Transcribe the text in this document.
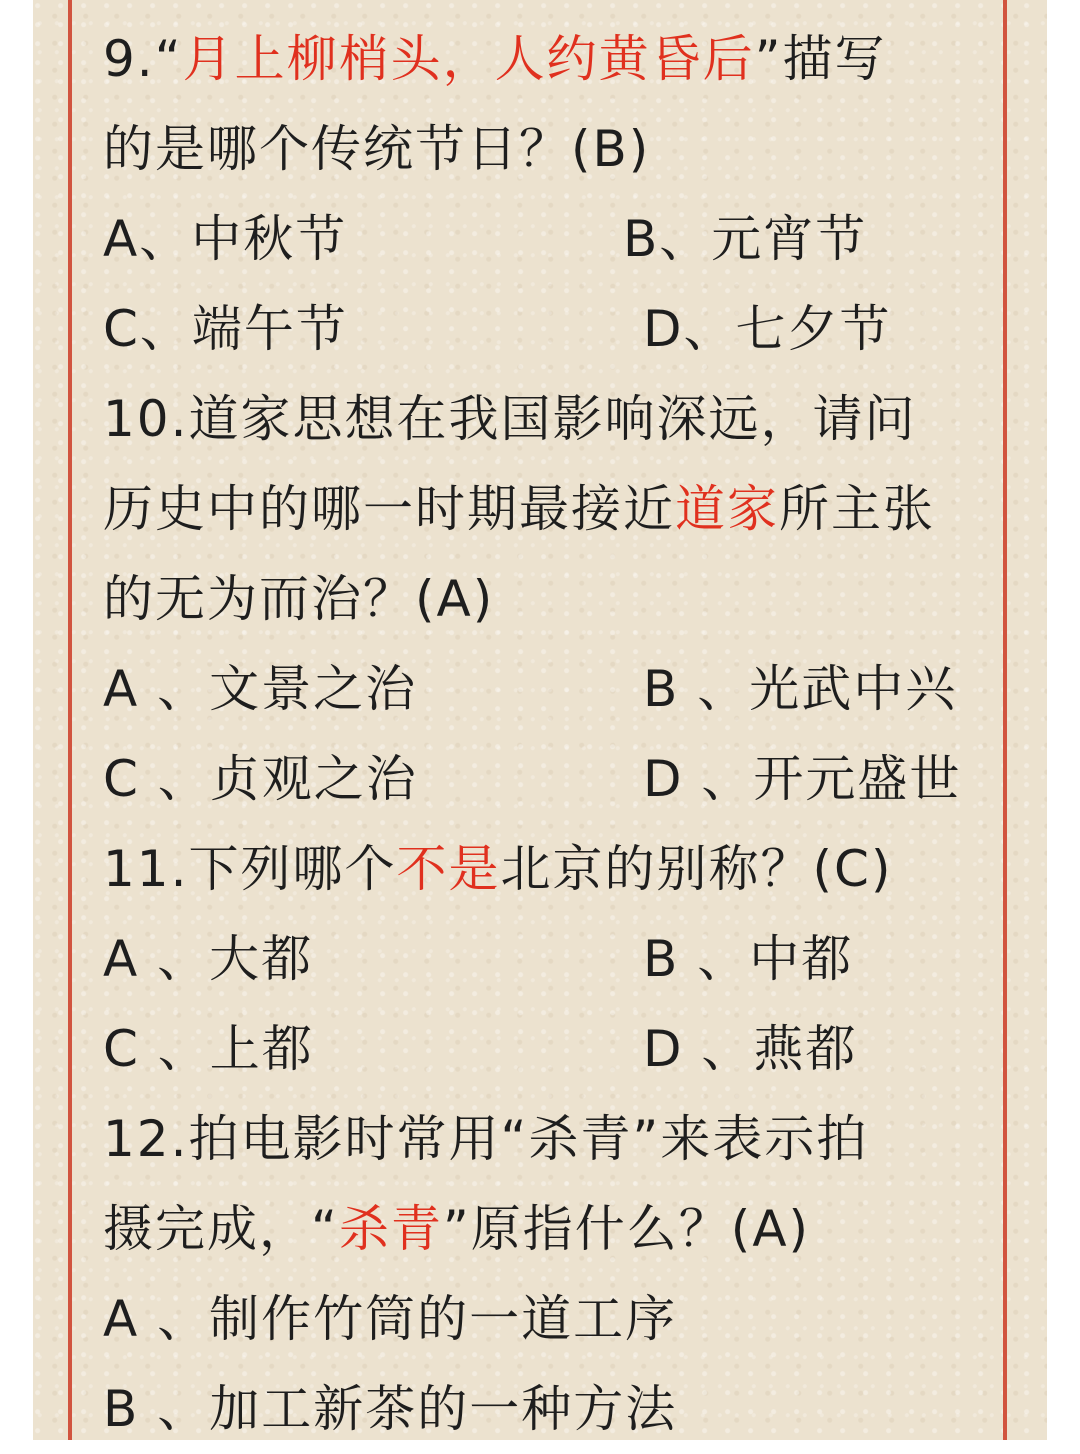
9.“月上柳梢头，人约黄昏后”描写
的是哪个传统节日？(B)
A、中秋节	B、元宵节
C、端午节	D、七夕节
10.道家思想在我国影响深远，请问
历史中的哪一时期最接近道家所主张
的无为而治？(A)
A 、文景之治	B 、光武中兴
C 、贞观之治	D 、开元盛世
11.下列哪个不是北京的别称？(C)
A 、大都	B 、中都
C 、上都	D 、燕都
12.拍电影时常用“杀青”来表示拍
摄完成，“杀青”原指什么？(A)
A 、制作竹筒的一道工序
B 、加工新茶的一种方法
